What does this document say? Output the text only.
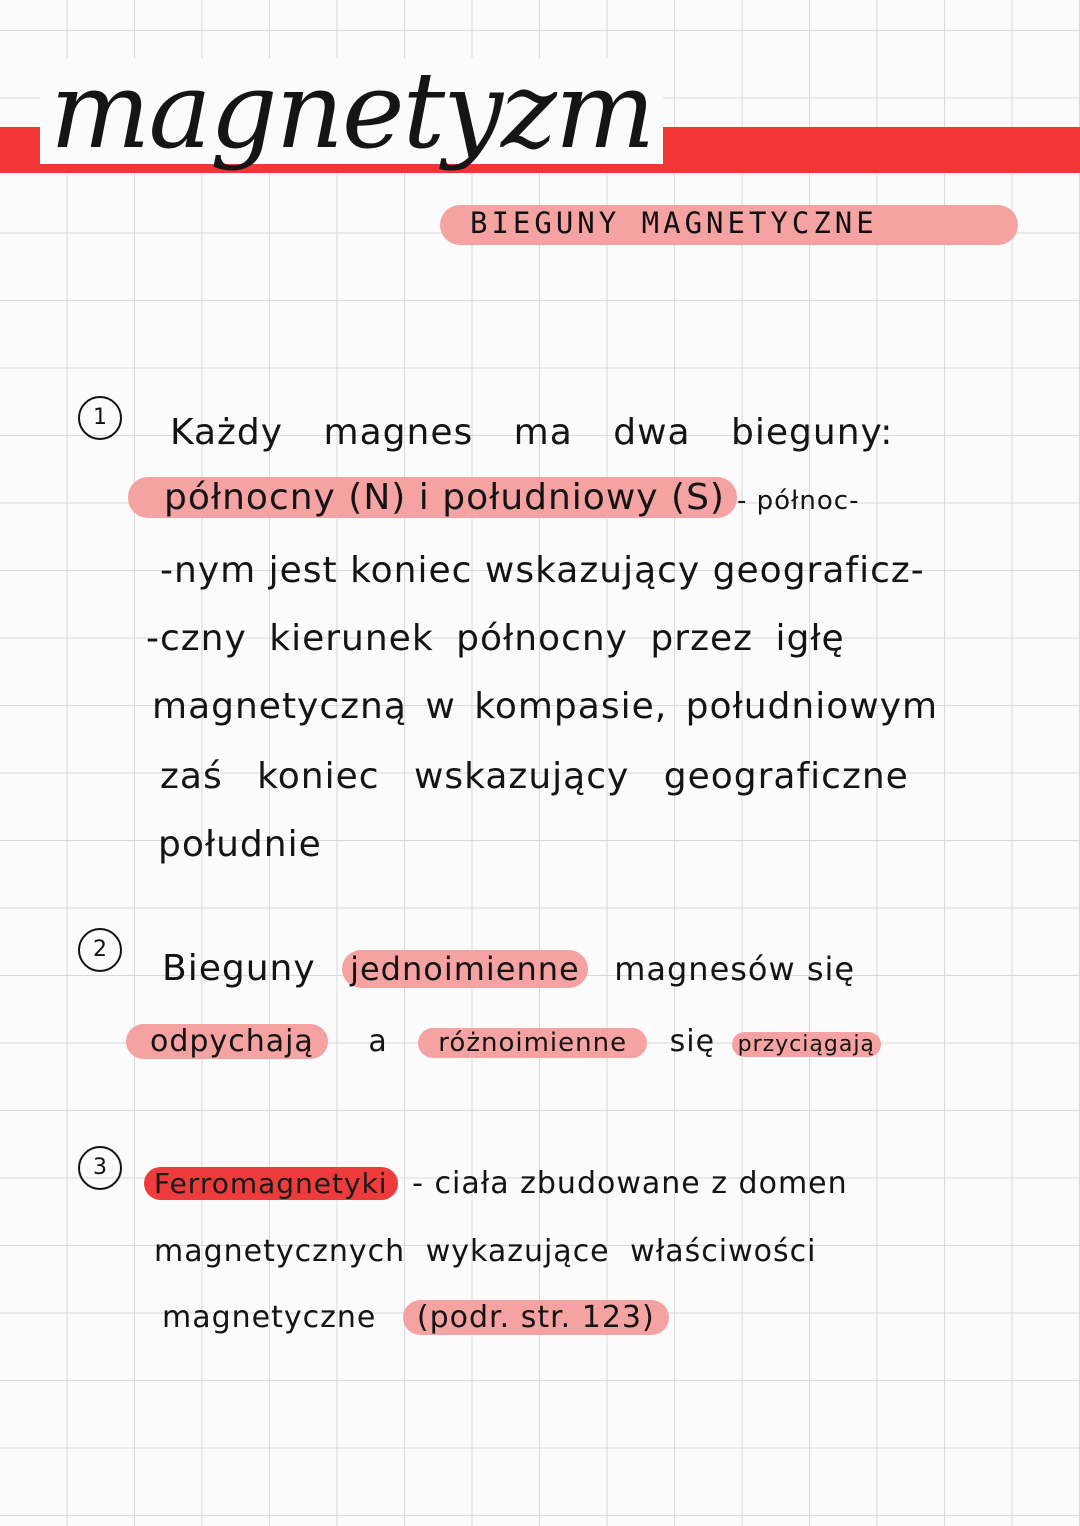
magnetyzm
BIEGUNY MAGNETYCZNE
1	Każdy magnes ma dwa bieguny:
północny (N) i południowy (S) - północ-
-nym jest koniec wskazujący geograficz-
-czny kierunek północny przez igłę
magnetyczną w kompasie, południowym
zaś koniec wskazujący geograficzne
południe
2	Bieguny jednoimienne magnesów się
odpychają a różnoimienne się przyciągają
3	Ferromagnetyki - ciała zbudowane z domen
magnetycznych wykazujące właściwości
magnetyczne (podr. str. 123)
